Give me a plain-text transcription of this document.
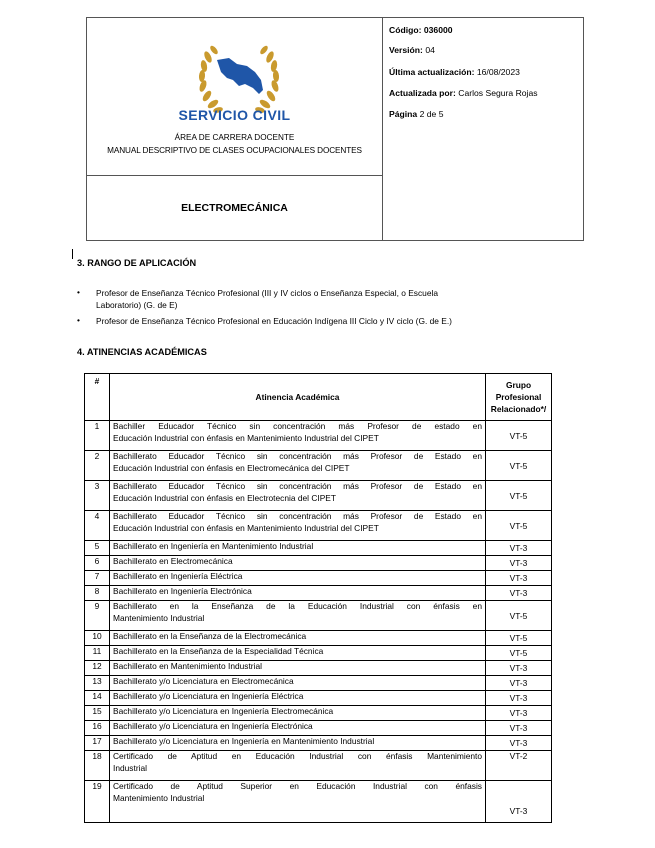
SERVICIO CIVIL
ÁREA DE CARRERA DOCENTE
MANUAL DESCRIPTIVO DE CLASES OCUPACIONALES DOCENTES
ELECTROMECÁNICA
Código: 036000
Versión: 04
Última actualización: 16/08/2023
Actualizada por: Carlos Segura Rojas
Página 2 de 5
3. RANGO DE APLICACIÓN
• Profesor de Enseñanza Técnico Profesional (III y IV ciclos o Enseñanza Especial, o Escuela
Laboratorio) (G. de E)
• Profesor de Enseñanza Técnico Profesional en Educación Indígena III Ciclo y IV ciclo (G. de E.)
4. ATINENCIAS ACADÉMICAS
#	Atinencia Académica	Grupo
Profesional
Relacionado*/

1	Bachiller Educador Técnico sin concentración más Profesor de estado en
Educación Industrial con énfasis en Mantenimiento Industrial del CIPET	VT-5
2	Bachillerato Educador Técnico sin concentración más Profesor de Estado en
Educación Industrial con énfasis en Electromecánica del CIPET	VT-5
3	Bachillerato Educador Técnico sin concentración más Profesor de Estado en
Educación Industrial con énfasis en Electrotecnia del CIPET	VT-5
4	Bachillerato Educador Técnico sin concentración más Profesor de Estado en
Educación Industrial con énfasis en Mantenimiento Industrial del CIPET	VT-5
5	Bachillerato en Ingeniería en Mantenimiento Industrial	VT-3
6	Bachillerato en Electromecánica	VT-3
7	Bachillerato en Ingeniería Eléctrica	VT-3
8	Bachillerato en Ingeniería Electrónica	VT-3
9	Bachillerato en la Enseñanza de la Educación Industrial con énfasis en
Mantenimiento Industrial	VT-5
10	Bachillerato en la Enseñanza de la Electromecánica	VT-5
11	Bachillerato en la Enseñanza de la Especialidad Técnica	VT-5
12	Bachillerato en Mantenimiento Industrial	VT-3
13	Bachillerato y/o Licenciatura en Electromecánica	VT-3
14	Bachillerato y/o Licenciatura en Ingeniería Eléctrica	VT-3
15	Bachillerato y/o Licenciatura en Ingeniería Electromecánica	VT-3
16	Bachillerato y/o Licenciatura en Ingeniería Electrónica	VT-3
17	Bachillerato y/o Licenciatura en Ingeniería en Mantenimiento Industrial	VT-3
18	Certificado de Aptitud en Educación Industrial con énfasis Mantenimiento
Industrial	VT-2
19	Certificado de Aptitud Superior en Educación Industrial con énfasis
Mantenimiento Industrial	VT-3
